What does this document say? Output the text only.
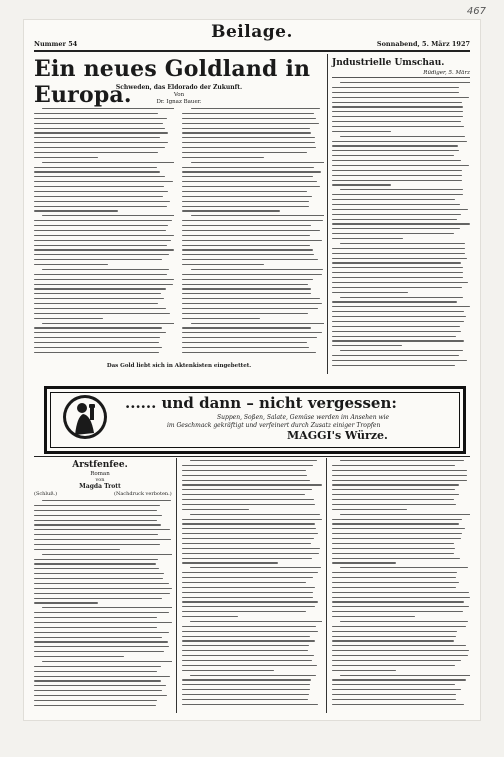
467
Nummer 54
Beilage.
Sonnabend, 5. März 1927
Ein neues Goldland in Europa.
Schweden, das Eldorado der Zukunft.
Von
Dr. Ignaz Bauer.
Das Gold liebt sich in Aktenkisten eingebettet.
Jndustrielle Umschau.
Rüdiger, 5. März
...... und dann – nicht vergessen:
Suppen, Soßen, Salate, Gemüse werden im Ansehen wie
im Geschmack gekräftigt und verfeinert durch Zusatz einiger Tropfen
MAGGI's Würze.
Arstfenfee.
Roman
von
Magda Trott
(Schluß.)	(Nachdruck verboten.)
